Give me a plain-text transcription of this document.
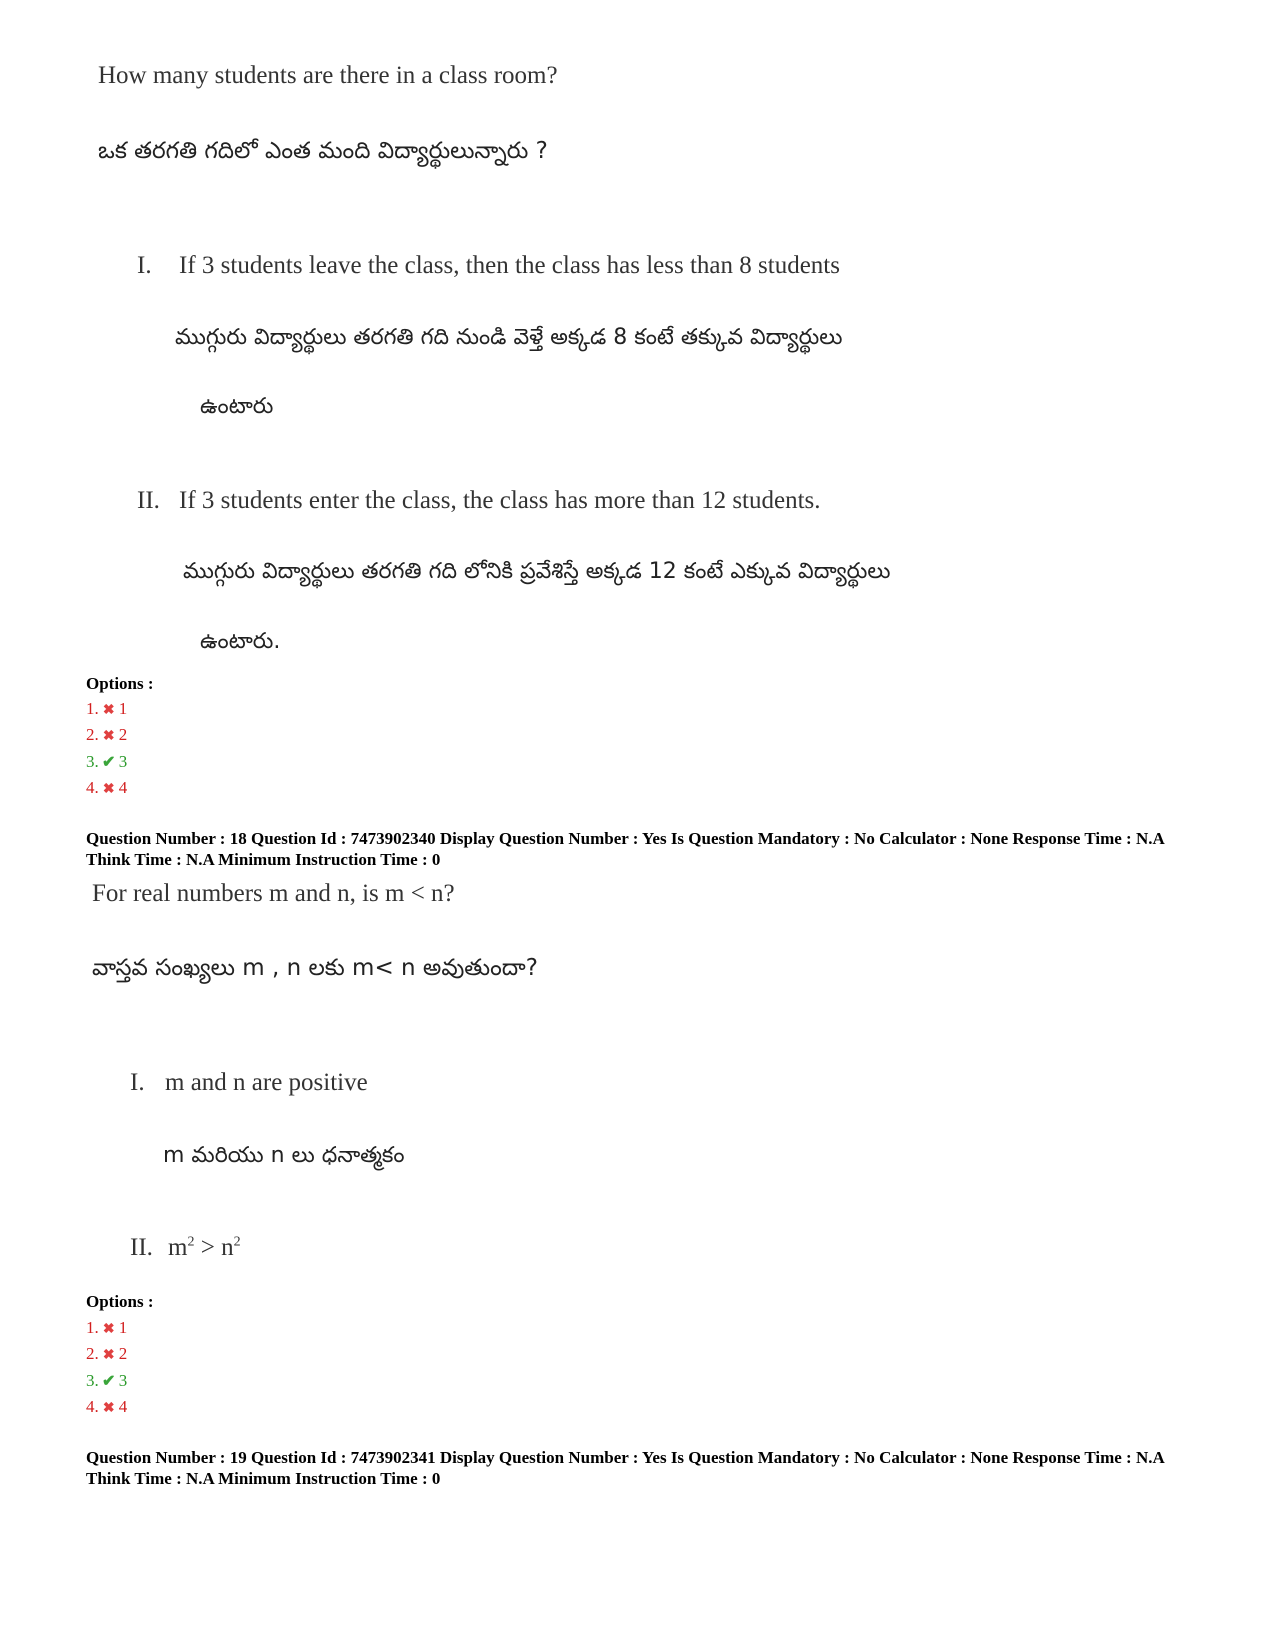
How many students are there in a class room?
ఒక తరగతి గదిలో ఎంత మంది విద్యార్థులున్నారు ?
I. If 3 students leave the class, then the class has less than 8 students
ముగ్గురు విద్యార్థులు తరగతి గది నుండి వెళ్తే అక్కడ 8 కంటే తక్కువ విద్యార్థులు
ఉంటారు
II. If 3 students enter the class, the class has more than 12 students.
ముగ్గురు విద్యార్థులు తరగతి గది లోనికి ప్రవేశిస్తే అక్కడ 12 కంటే ఎక్కువ విద్యార్థులు
ఉంటారు.
Options :
1. ✖ 1
2. ✖ 2
3. ✔ 3
4. ✖ 4
Question Number : 18 Question Id : 7473902340 Display Question Number : Yes Is Question Mandatory : No Calculator : None Response Time : N.A Think Time : N.A Minimum Instruction Time : 0
For real numbers m and n, is m < n?
వాస్తవ సంఖ్యలు m , n లకు m< n అవుతుందా?
I. m and n are positive
m మరియు n లు ధనాత్మకం
II. $m^2 > n^2$
Options :
1. ✖ 1
2. ✖ 2
3. ✔ 3
4. ✖ 4
Question Number : 19 Question Id : 7473902341 Display Question Number : Yes Is Question Mandatory : No Calculator : None Response Time : N.A Think Time : N.A Minimum Instruction Time : 0
